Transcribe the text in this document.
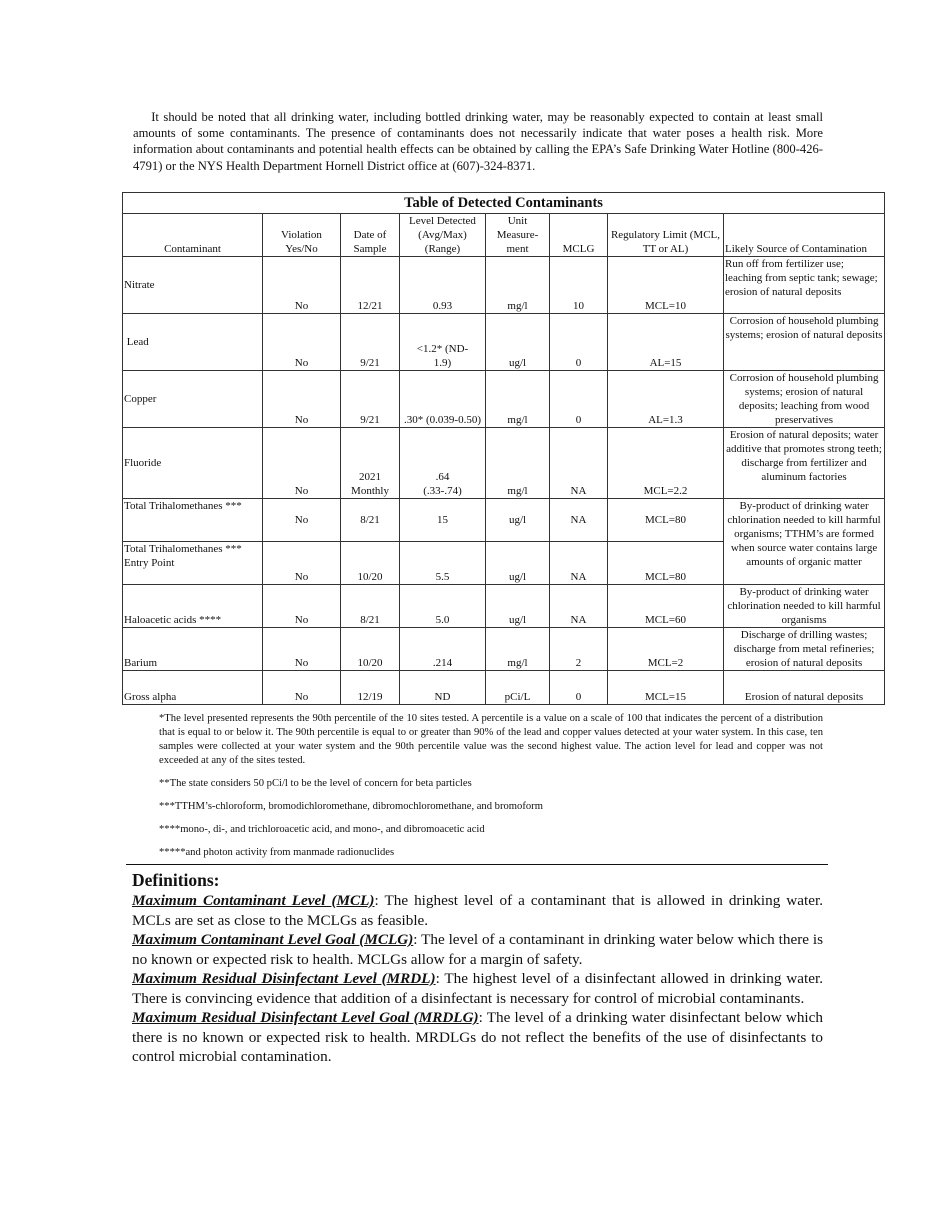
It should be noted that all drinking water, including bottled drinking water, may be reasonably expected to contain at least small amounts of some contaminants. The presence of contaminants does not necessarily indicate that water poses a health risk. More information about contaminants and potential health effects can be obtained by calling the EPA’s Safe Drinking Water Hotline (800-426-4791) or the NYS Health Department Hornell District office at (607)-324-8371.

Table of Detected Contaminants							
Contaminant	Violation Yes/No	Date of Sample	Level Detected (Avg/Max) (Range)	Unit Measure-ment	MCLG	Regulatory Limit (MCL, TT or AL)	Likely Source of Contamination
Nitrate	No	12/21	0.93	mg/l	10	MCL=10	Run off from fertilizer use; leaching from septic tank; sewage; erosion of natural deposits
Lead	No	9/21	<1.2* (ND-1.9)	ug/l	0	AL=15	Corrosion of household plumbing systems; erosion of natural deposits
Copper	No	9/21	.30* (0.039-0.50)	mg/l	0	AL=1.3	Corrosion of household plumbing systems; erosion of natural deposits; leaching from wood preservatives
Fluoride	No	2021 Monthly	.64 (.33-.74)	mg/l	NA	MCL=2.2	Erosion of natural deposits; water additive that promotes strong teeth; discharge from fertilizer and aluminum factories
Total Trihalomethanes ***	No	8/21	15	ug/l	NA	MCL=80	By-product of drinking water chlorination needed to kill harmful organisms; TTHM’s are formed when source water contains large amounts of organic matter
Total Trihalomethanes *** Entry Point	No	10/20	5.5	ug/l	NA	MCL=80	
Haloacetic acids ****	No	8/21	5.0	ug/l	NA	MCL=60	By-product of drinking water chlorination needed to kill harmful organisms
Barium	No	10/20	.214	mg/l	2	MCL=2	Discharge of drilling wastes; discharge from metal refineries; erosion of natural deposits
Gross alpha	No	12/19	ND	pCi/L	0	MCL=15	Erosion of natural deposits

*The level presented represents the 90th percentile of the 10 sites tested. A percentile is a value on a scale of 100 that indicates the percent of a distribution that is equal to or below it. The 90th percentile is equal to or greater than 90% of the lead and copper values detected at your water system. In this case, ten samples were collected at your water system and the 90th percentile value was the second highest value. The action level for lead and copper was not exceeded at any of the sites tested.

**The state considers 50 pCi/l to be the level of concern for beta particles

***TTHM’s-chloroform, bromodichloromethane, dibromochloromethane, and bromoform

****mono-, di-, and trichloroacetic acid, and mono-, and dibromoacetic acid

*****and photon activity from manmade radionuclides

Definitions:

Maximum Contaminant Level (MCL): The highest level of a contaminant that is allowed in drinking water. MCLs are set as close to the MCLGs as feasible.

Maximum Contaminant Level Goal (MCLG): The level of a contaminant in drinking water below which there is no known or expected risk to health. MCLGs allow for a margin of safety.

Maximum Residual Disinfectant Level (MRDL): The highest level of a disinfectant allowed in drinking water. There is convincing evidence that addition of a disinfectant is necessary for control of microbial contaminants.

Maximum Residual Disinfectant Level Goal (MRDLG): The level of a drinking water disinfectant below which there is no known or expected risk to health. MRDLGs do not reflect the benefits of the use of disinfectants to control microbial contamination.
